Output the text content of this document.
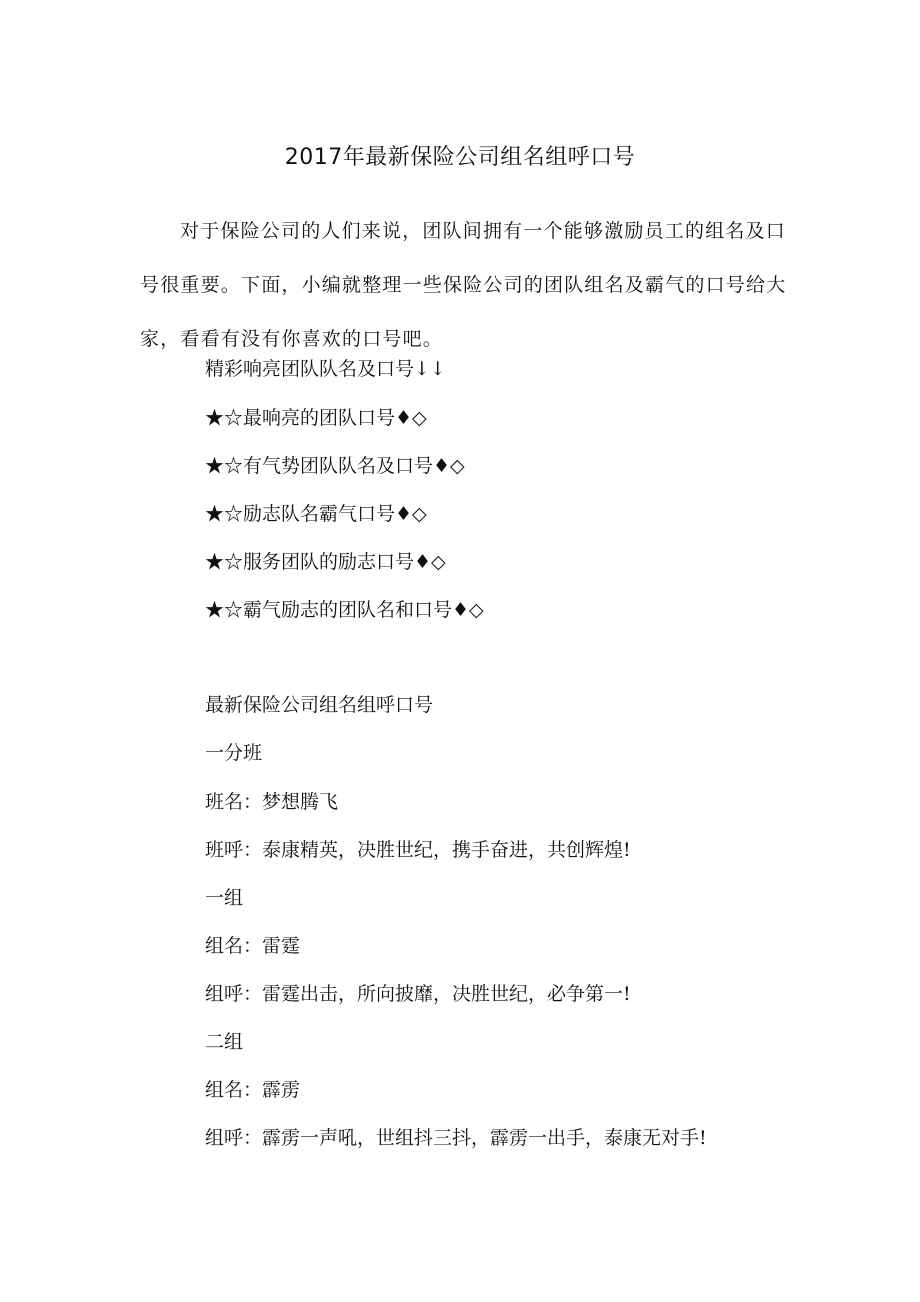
2017年最新保险公司组名组呼口号

对于保险公司的人们来说，团队间拥有一个能够激励员工的组名及口号很重要。下面，小编就整理一些保险公司的团队组名及霸气的口号给大家，看看有没有你喜欢的口号吧。

精彩响亮团队队名及口号↓↓

★☆最响亮的团队口号♦◇

★☆有气势团队队名及口号♦◇

★☆励志队名霸气口号♦◇

★☆服务团队的励志口号♦◇

★☆霸气励志的团队名和口号♦◇

最新保险公司组名组呼口号

一分班

班名：梦想腾飞

班呼：泰康精英，决胜世纪，携手奋进，共创辉煌!

一组

组名：雷霆

组呼：雷霆出击，所向披靡，决胜世纪，必争第一!

二组

组名：霹雳

组呼：霹雳一声吼，世组抖三抖，霹雳一出手，泰康无对手!
